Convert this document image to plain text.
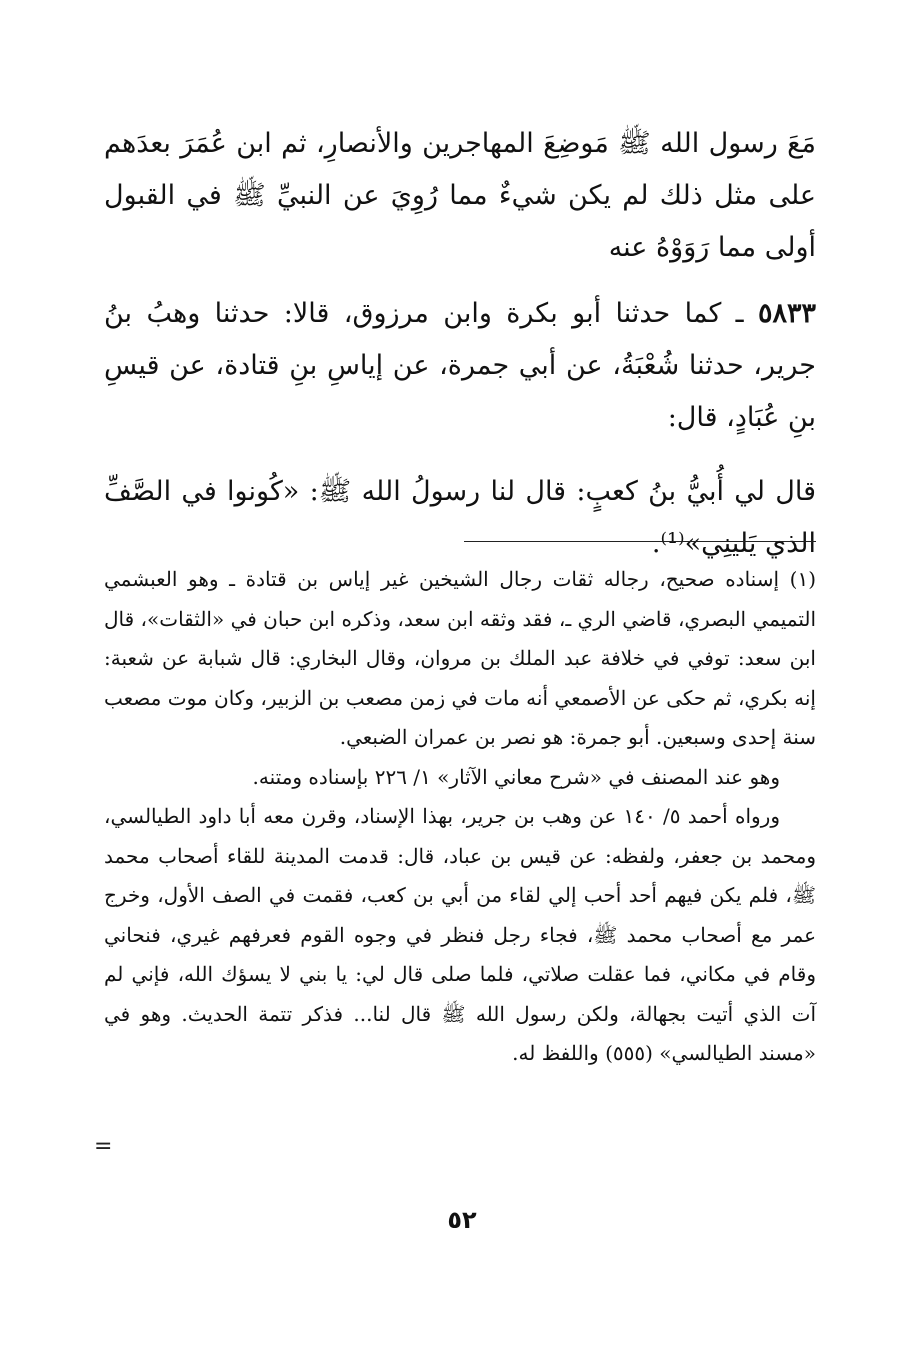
مَعَ رسول الله ﷺ مَوضِعَ المهاجرين والأنصارِ، ثم ابن عُمَرَ بعدَهم على مثل ذلك لم يكن شيءٌ مما رُوِيَ عن النبيِّ ﷺ في القبول أولى مما رَوَوْهُ عنه

٥٨٣٣ ـ كما حدثنا أبو بكرة وابن مرزوق، قالا: حدثنا وهبُ بنُ جرير، حدثنا شُعْبَةُ، عن أبي جمرة، عن إياسِ بنِ قتادة، عن قيسِ بنِ عُبَادٍ، قال:

قال لي أُبيُّ بنُ كعبٍ: قال لنا رسولُ الله ﷺ: «كُونوا في الصَّفِّ الذي يَلينِي»⁽¹⁾.

(١) إسناده صحيح، رجاله ثقات رجال الشيخين غير إياس بن قتادة ـ وهو العبشمي التميمي البصري، قاضي الري ـ، فقد وثقه ابن سعد، وذكره ابن حبان في «الثقات»، قال ابن سعد: توفي في خلافة عبد الملك بن مروان، وقال البخاري: قال شبابة عن شعبة: إنه بكري، ثم حكى عن الأصمعي أنه مات في زمن مصعب بن الزبير، وكان موت مصعب سنة إحدى وسبعين. أبو جمرة: هو نصر بن عمران الضبعي.

وهو عند المصنف في «شرح معاني الآثار» ١/ ٢٢٦ بإسناده ومتنه.

ورواه أحمد ٥/ ١٤٠ عن وهب بن جرير، بهذا الإسناد، وقرن معه أبا داود الطيالسي، ومحمد بن جعفر، ولفظه: عن قيس بن عباد، قال: قدمت المدينة للقاء أصحاب محمد ﷺ، فلم يكن فيهم أحد أحب إلي لقاء من أبي بن كعب، فقمت في الصف الأول، وخرج عمر مع أصحاب محمد ﷺ، فجاء رجل فنظر في وجوه القوم فعرفهم غيري، فنحاني وقام في مكاني، فما عقلت صلاتي، فلما صلى قال لي: يا بني لا يسؤك الله، فإني لم آت الذي أتيت بجهالة، ولكن رسول الله ﷺ قال لنا... فذكر تتمة الحديث. وهو في «مسند الطيالسي» (٥٥٥) واللفظ له.

=
٥٢
